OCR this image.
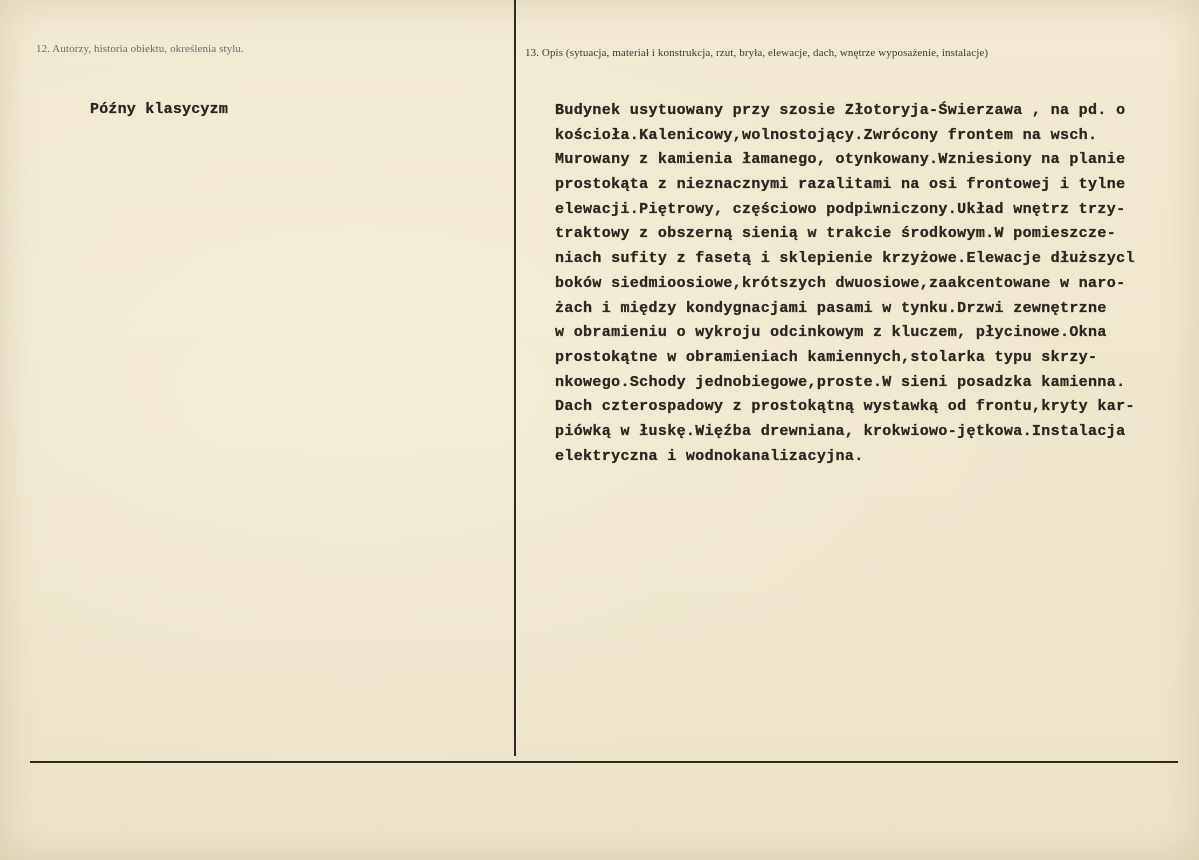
12. Autorzy, historia obiektu, określenia stylu.
Późny klasycyzm
13. Opis (sytuacja, materiał i konstrukcja, rzut, bryła, elewacje, dach, wnętrze wyposażenie, instalacje)
Budynek usytuowany przy szosie Złotoryja-Świerzawa , na pd. o
kościoła.Kalenicowy,wolnostojący.Zwrócony frontem na wsch.
Murowany z kamienia łamanego, otynkowany.Wzniesiony na planie
prostokąta z nieznacznymi razalitami na osi frontowej i tylne
elewacji.Piętrowy, częściowo podpiwniczony.Układ wnętrz trzy-
traktowy z obszerną sienią w trakcie środkowym.W pomieszcze-
niach sufity z fasetą i sklepienie krzyżowe.Elewacje dłuższycl
boków siedmioosiowe,krótszych dwuosiowe,zaakcentowane w naro-
żach i między kondygnacjami pasami w tynku.Drzwi zewnętrzne
w obramieniu o wykroju odcinkowym z kluczem, płycinowe.Okna
prostokątne w obramieniach kamiennych,stolarka typu skrzy-
nkowego.Schody jednobiegowe,proste.W sieni posadzka kamienna.
Dach czterospadowy z prostokątną wystawką od frontu,kryty kar-
piówką w łuskę.Więźba drewniana, krokwiowo-jętkowa.Instalacja
elektryczna i wodnokanalizacyjna.
